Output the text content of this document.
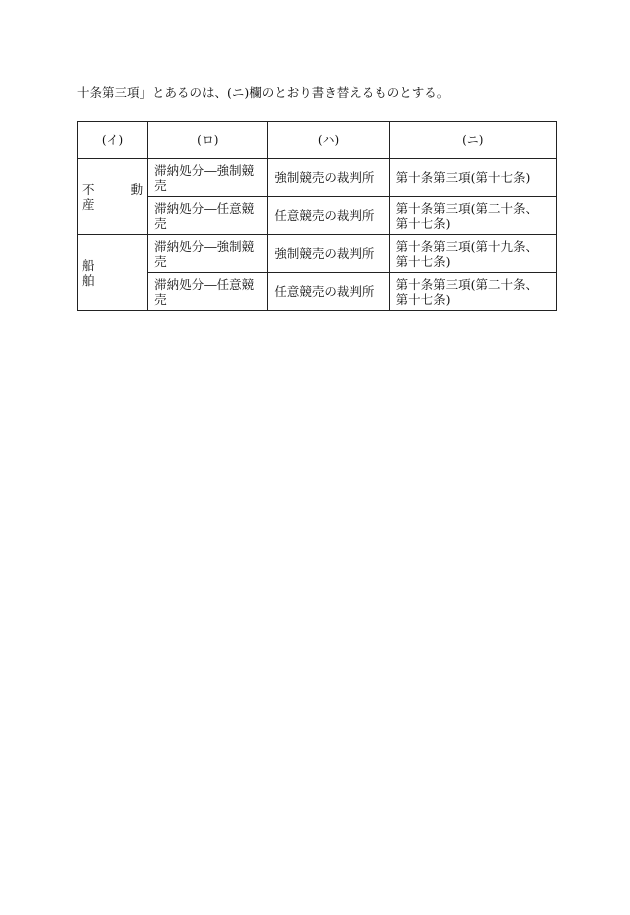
十条第三項」とあるのは、(ニ)欄のとおり書き替えるものとする。
(イ)	(ロ)	(ハ)	(ニ)

不　動　産	滞納処分―強制競売	強制競売の裁判所	第十条第三項(第十七条)
	滞納処分―任意競売	任意競売の裁判所	第十条第三項(第二十条、第十七条)

船　　　舶	滞納処分―強制競売	強制競売の裁判所	第十条第三項(第十九条、第十七条)
	滞納処分―任意競売	任意競売の裁判所	第十条第三項(第二十条、第十七条)
